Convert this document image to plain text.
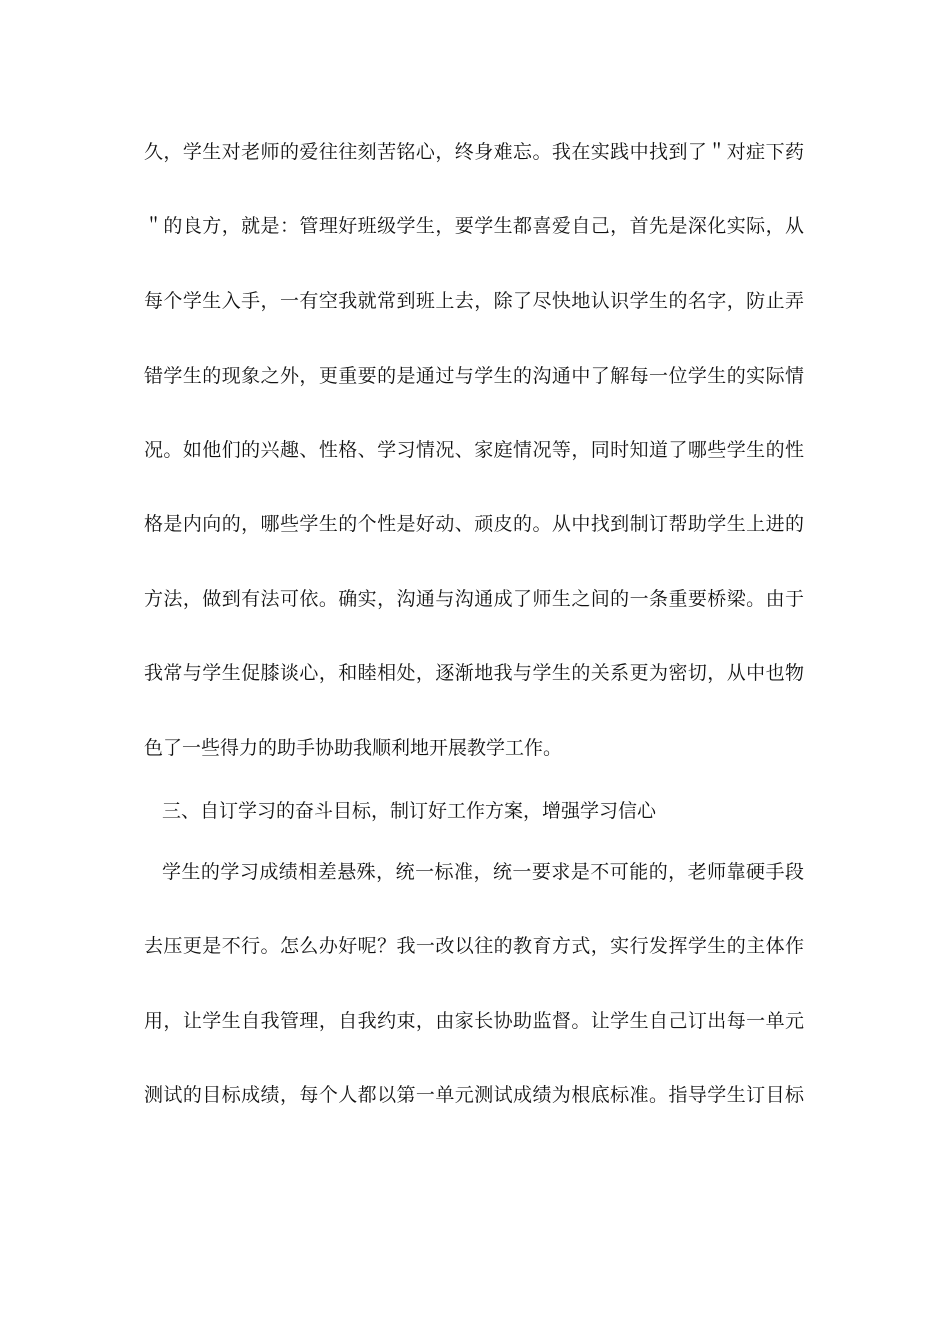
久，学生对老师的爱往往刻苦铭心，终身难忘。我在实践中找到了＂对症下药
＂的良方，就是：管理好班级学生，要学生都喜爱自己，首先是深化实际，从
每个学生入手，一有空我就常到班上去，除了尽快地认识学生的名字，防止弄
错学生的现象之外，更重要的是通过与学生的沟通中了解每一位学生的实际情
况。如他们的兴趣、性格、学习情况、家庭情况等，同时知道了哪些学生的性
格是内向的，哪些学生的个性是好动、顽皮的。从中找到制订帮助学生上进的
方法，做到有法可依。确实，沟通与沟通成了师生之间的一条重要桥梁。由于
我常与学生促膝谈心，和睦相处，逐渐地我与学生的关系更为密切，从中也物
色了一些得力的助手协助我顺利地开展教学工作。
三、自订学习的奋斗目标，制订好工作方案，增强学习信心
学生的学习成绩相差悬殊，统一标准，统一要求是不可能的，老师靠硬手段
去压更是不行。怎么办好呢？我一改以往的教育方式，实行发挥学生的主体作
用，让学生自我管理，自我约束，由家长协助监督。让学生自己订出每一单元
测试的目标成绩，每个人都以第一单元测试成绩为根底标准。指导学生订目标
